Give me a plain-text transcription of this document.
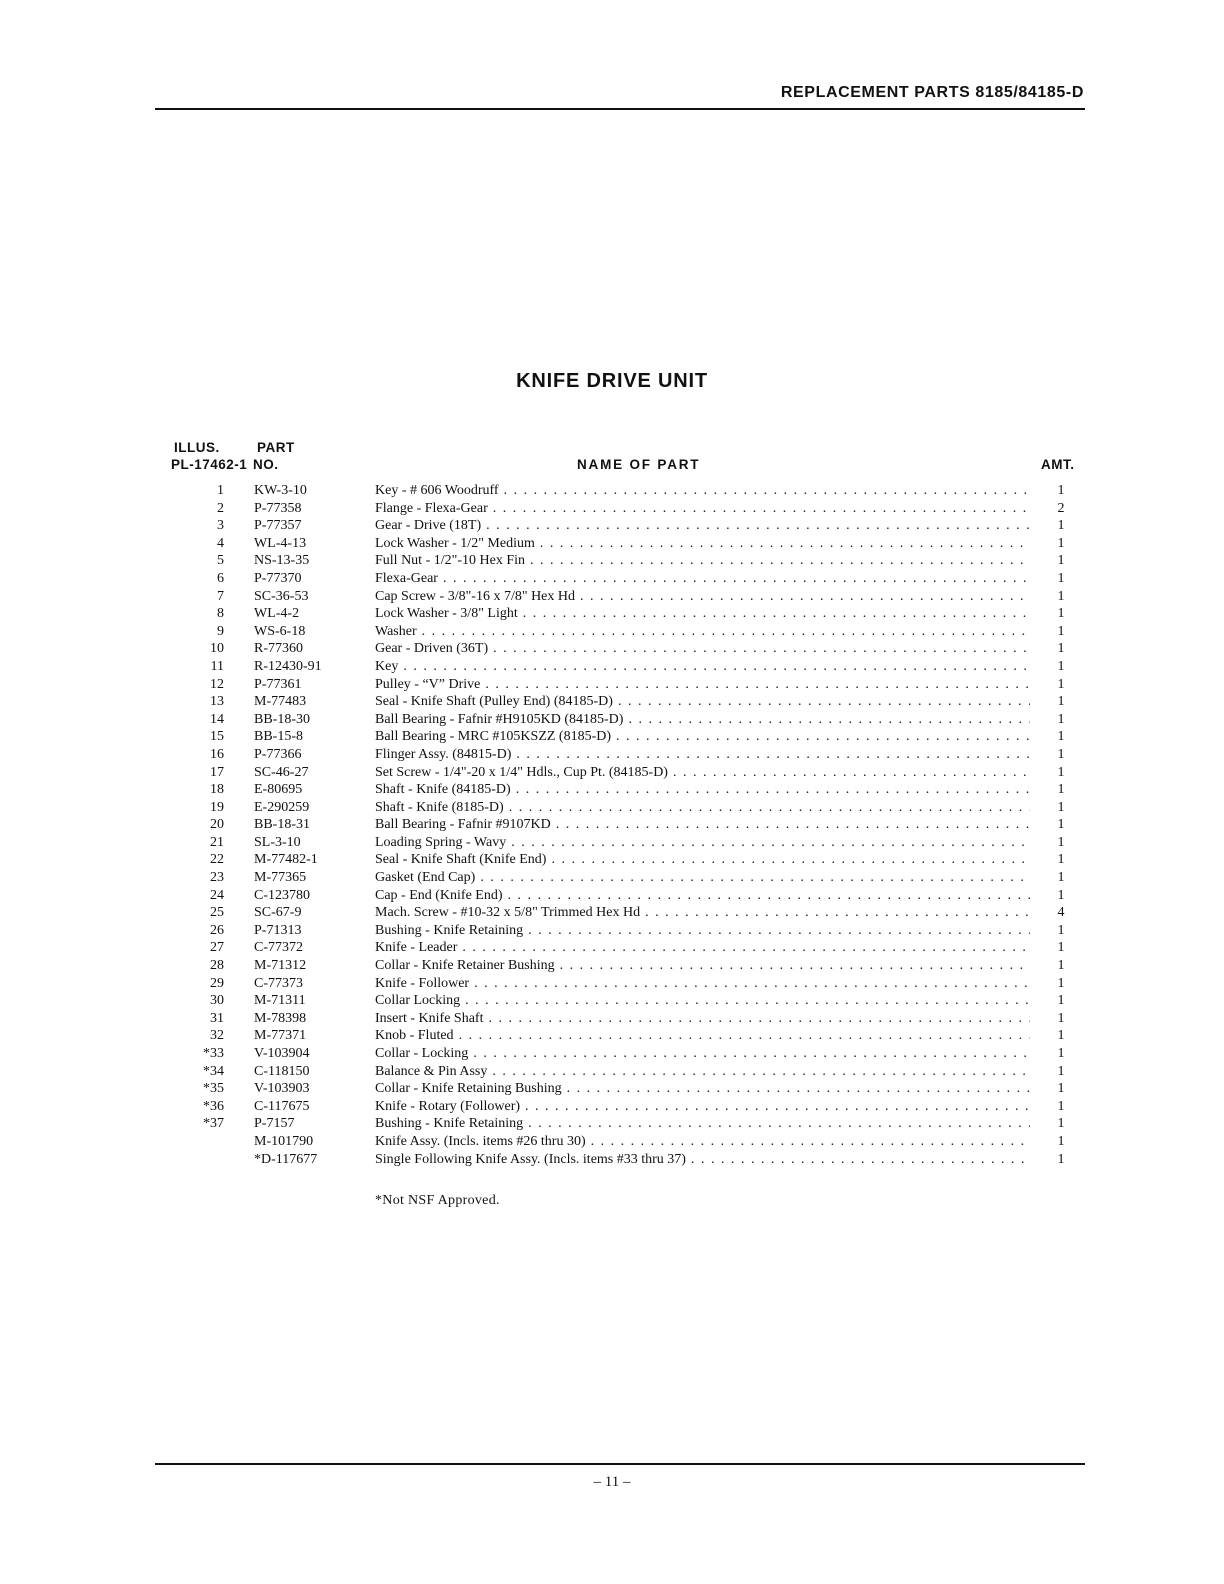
REPLACEMENT PARTS 8185/84185-D
KNIFE DRIVE UNIT
ILLUS.	PART
PL-17462-1 NO.	NAME OF PART	AMT.
1 KW-3-10	Key - # 606 Woodruff . . .	1
2 P-77358	Flange - Flexa-Gear . . .	2
3 P-77357	Gear - Drive (18T) . . .	1
4 WL-4-13	Lock Washer - 1/2" Medium . . .	1
5 NS-13-35	Full Nut - 1/2"-10 Hex Fin . . .	1
6 P-77370	Flexa-Gear . . .	1
7 SC-36-53	Cap Screw - 3/8"-16 x 7/8" Hex Hd . . .	1
8 WL-4-2	Lock Washer - 3/8" Light . . .	1
9 WS-6-18	Washer . . .	1
10 R-77360	Gear - Driven (36T) . . .	1
11 R-12430-91	Key . . .	1
12 P-77361	Pulley - “V” Drive . . .	1
13 M-77483	Seal - Knife Shaft (Pulley End) (84185-D) . . .	1
14 BB-18-30	Ball Bearing - Fafnir #H9105KD (84185-D) . . .	1
15 BB-15-8	Ball Bearing - MRC #105KSZZ (8185-D) . . .	1
16 P-77366	Flinger Assy. (84815-D) . . .	1
17 SC-46-27	Set Screw - 1/4"-20 x 1/4" Hdls., Cup Pt. (84185-D) . . .	1
18 E-80695	Shaft - Knife (84185-D) . . .	1
19 E-290259	Shaft - Knife (8185-D) . . .	1
20 BB-18-31	Ball Bearing - Fafnir #9107KD . . .	1
21 SL-3-10	Loading Spring - Wavy . . .	1
22 M-77482-1	Seal - Knife Shaft (Knife End) . . .	1
23 M-77365	Gasket (End Cap) . . .	1
24 C-123780	Cap - End (Knife End) . . .	1
25 SC-67-9	Mach. Screw - #10-32 x 5/8" Trimmed Hex Hd . . .	4
26 P-71313	Bushing - Knife Retaining . . .	1
27 C-77372	Knife - Leader . . .	1
28 M-71312	Collar - Knife Retainer Bushing . . .	1
29 C-77373	Knife - Follower . . .	1
30 M-71311	Collar Locking . . .	1
31 M-78398	Insert - Knife Shaft . . .	1
32 M-77371	Knob - Fluted . . .	1
*33 V-103904	Collar - Locking . . .	1
*34 C-118150	Balance & Pin Assy . . .	1
*35 V-103903	Collar - Knife Retaining Bushing . . .	1
*36 C-117675	Knife - Rotary (Follower) . . .	1
*37 P-7157	Bushing - Knife Retaining . . .	1
M-101790	Knife Assy. (Incls. items #26 thru 30) . . .	1
*D-117677	Single Following Knife Assy. (Incls. items #33 thru 37) . . .	1
*Not NSF Approved.
– 11 –
